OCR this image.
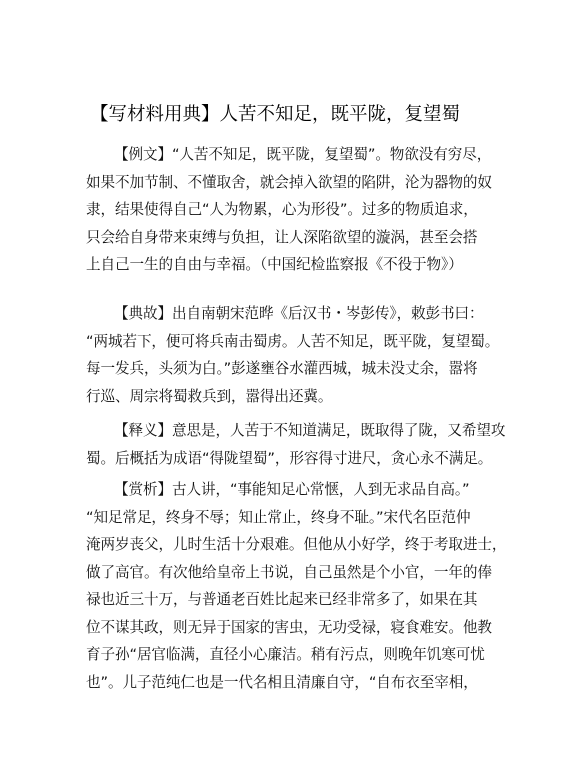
【写材料用典】人苦不知足，既平陇，复望蜀
【例文】“人苦不知足，既平陇，复望蜀”。物欲没有穷尽，
如果不加节制、不懂取舍，就会掉入欲望的陷阱，沦为器物的奴
隶，结果使得自己“人为物累，心为形役”。过多的物质追求，
只会给自身带来束缚与负担，让人深陷欲望的漩涡，甚至会搭
上自己一生的自由与幸福。（中国纪检监察报《不役于物》）
【典故】出自南朝宋范晔《后汉书・岑彭传》，敕彭书曰：
“两城若下，便可将兵南击蜀虏。人苦不知足，既平陇，复望蜀。
每一发兵，头须为白。”彭遂壅谷水灌西城，城未没丈余，嚣将
行巡、周宗将蜀救兵到，嚣得出还冀。
【释义】意思是，人苦于不知道满足，既取得了陇，又希望攻
蜀。后概括为成语“得陇望蜀”，形容得寸进尺，贪心永不满足。
【赏析】古人讲，“事能知足心常惬，人到无求品自高。”
“知足常足，终身不辱；知止常止，终身不耻。”宋代名臣范仲
淹两岁丧父，儿时生活十分艰难。但他从小好学，终于考取进士，
做了高官。有次他给皇帝上书说，自己虽然是个小官，一年的俸
禄也近三十万，与普通老百姓比起来已经非常多了，如果在其
位不谋其政，则无异于国家的害虫，无功受禄，寝食难安。他教
育子孙“居官临满，直径小心廉洁。稍有污点，则晚年饥寒可忧
也”。儿子范纯仁也是一代名相且清廉自守，“自布衣至宰相，
